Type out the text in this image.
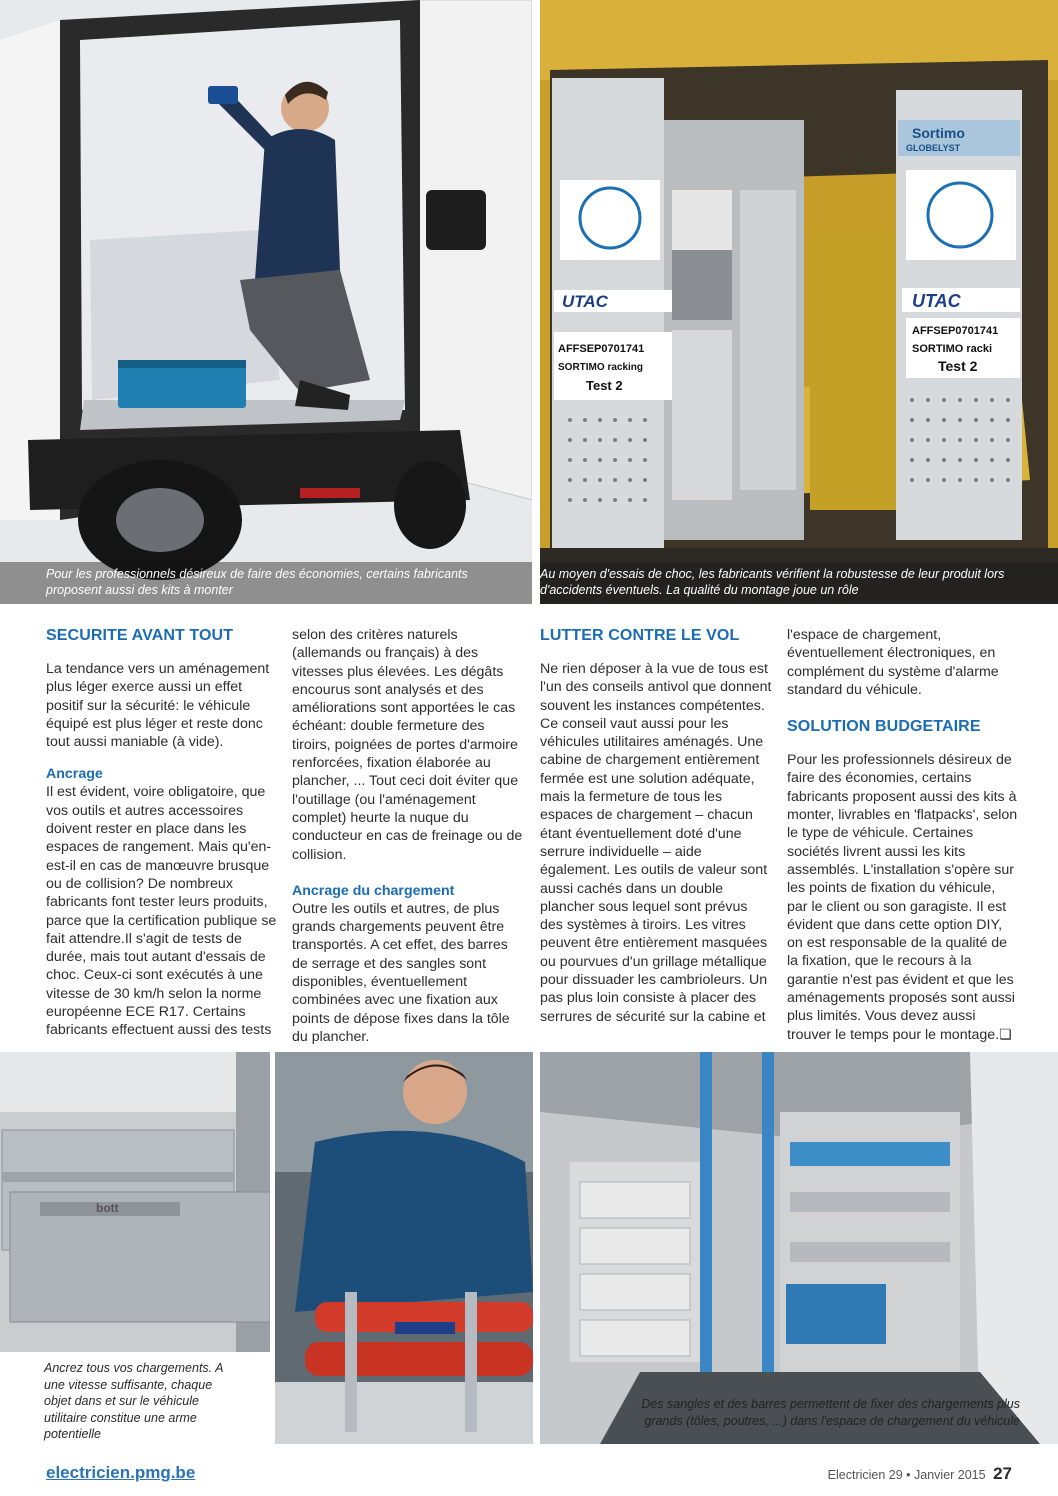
Pour les professionnels désireux de faire des économies, certains fabricants proposent aussi des kits à monter
UTAC
AFFSEP0701741
SORTIMO racking
Test 2
Sortimo
GLOBELYST
UTAC
AFFSEP0701741
SORTIMO racki
Test 2
Au moyen d'essais de choc, les fabricants vérifient la robustesse de leur produit lors d'accidents éventuels. La qualité du montage joue un rôle
SECURITE AVANT TOUT

La tendance vers un aménagement plus léger exerce aussi un effet positif sur la sécurité: le véhicule équipé est plus léger et reste donc tout aussi maniable (à vide).

Ancrage

Il est évident, voire obligatoire, que vos outils et autres accessoires doivent rester en place dans les espaces de rangement. Mais qu'en-est-il en cas de manœuvre brusque ou de collision? De nombreux fabricants font tester leurs produits, parce que la certification publique se fait attendre.Il s'agit de tests de durée, mais tout autant d'essais de choc. Ceux-ci sont exécutés à une vitesse de 30 km/h selon la norme européenne ECE R17. Certains fabricants effectuent aussi des tests

selon des critères naturels (allemands ou français) à des vitesses plus élevées. Les dégâts encourus sont analysés et des améliorations sont apportées le cas échéant: double fermeture des tiroirs, poignées de portes d'armoire renforcées, fixation élaborée au plancher, ... Tout ceci doit éviter que l'outillage (ou l'aménagement complet) heurte la nuque du conducteur en cas de freinage ou de collision.

Ancrage du chargement

Outre les outils et autres, de plus grands chargements peuvent être transportés. A cet effet, des barres de serrage et des sangles sont disponibles, éventuellement combinées avec une fixation aux points de dépose fixes dans la tôle du plancher.

LUTTER CONTRE LE VOL

Ne rien déposer à la vue de tous est l'un des conseils antivol que donnent souvent les instances compétentes. Ce conseil vaut aussi pour les véhicules utilitaires aménagés. Une cabine de chargement entièrement fermée est une solution adéquate, mais la fermeture de tous les espaces de chargement – chacun étant éventuellement doté d'une serrure individuelle – aide également. Les outils de valeur sont aussi cachés dans un double plancher sous lequel sont prévus des systèmes à tiroirs. Les vitres peuvent être entièrement masquées ou pourvues d'un grillage métallique pour dissuader les cambrioleurs. Un pas plus loin consiste à placer des serrures de sécurité sur la cabine et

l'espace de chargement, éventuellement électroniques, en complément du système d'alarme standard du véhicule.

SOLUTION BUDGETAIRE

Pour les professionnels désireux de faire des économies, certains fabricants proposent aussi des kits à monter, livrables en 'flatpacks', selon le type de véhicule. Certaines sociétés livrent aussi les kits assemblés. L'installation s'opère sur les points de fixation du véhicule, par le client ou son garagiste. Il est évident que dans cette option DIY, on est responsable de la qualité de la fixation, que le recours à la garantie n'est pas évident et que les aménagements proposés sont aussi plus limités. Vous devez aussi trouver le temps pour le montage.❏

bott
Ancrez tous vos chargements. A une vitesse suffisante, chaque objet dans et sur le véhicule utilitaire constitue une arme potentielle
Des sangles et des barres permettent de fixer des chargements plus grands (tôles, poutres, ...) dans l'espace de chargement du véhicule
electricien.pmg.be	Electricien 29 • Janvier 2015 27
